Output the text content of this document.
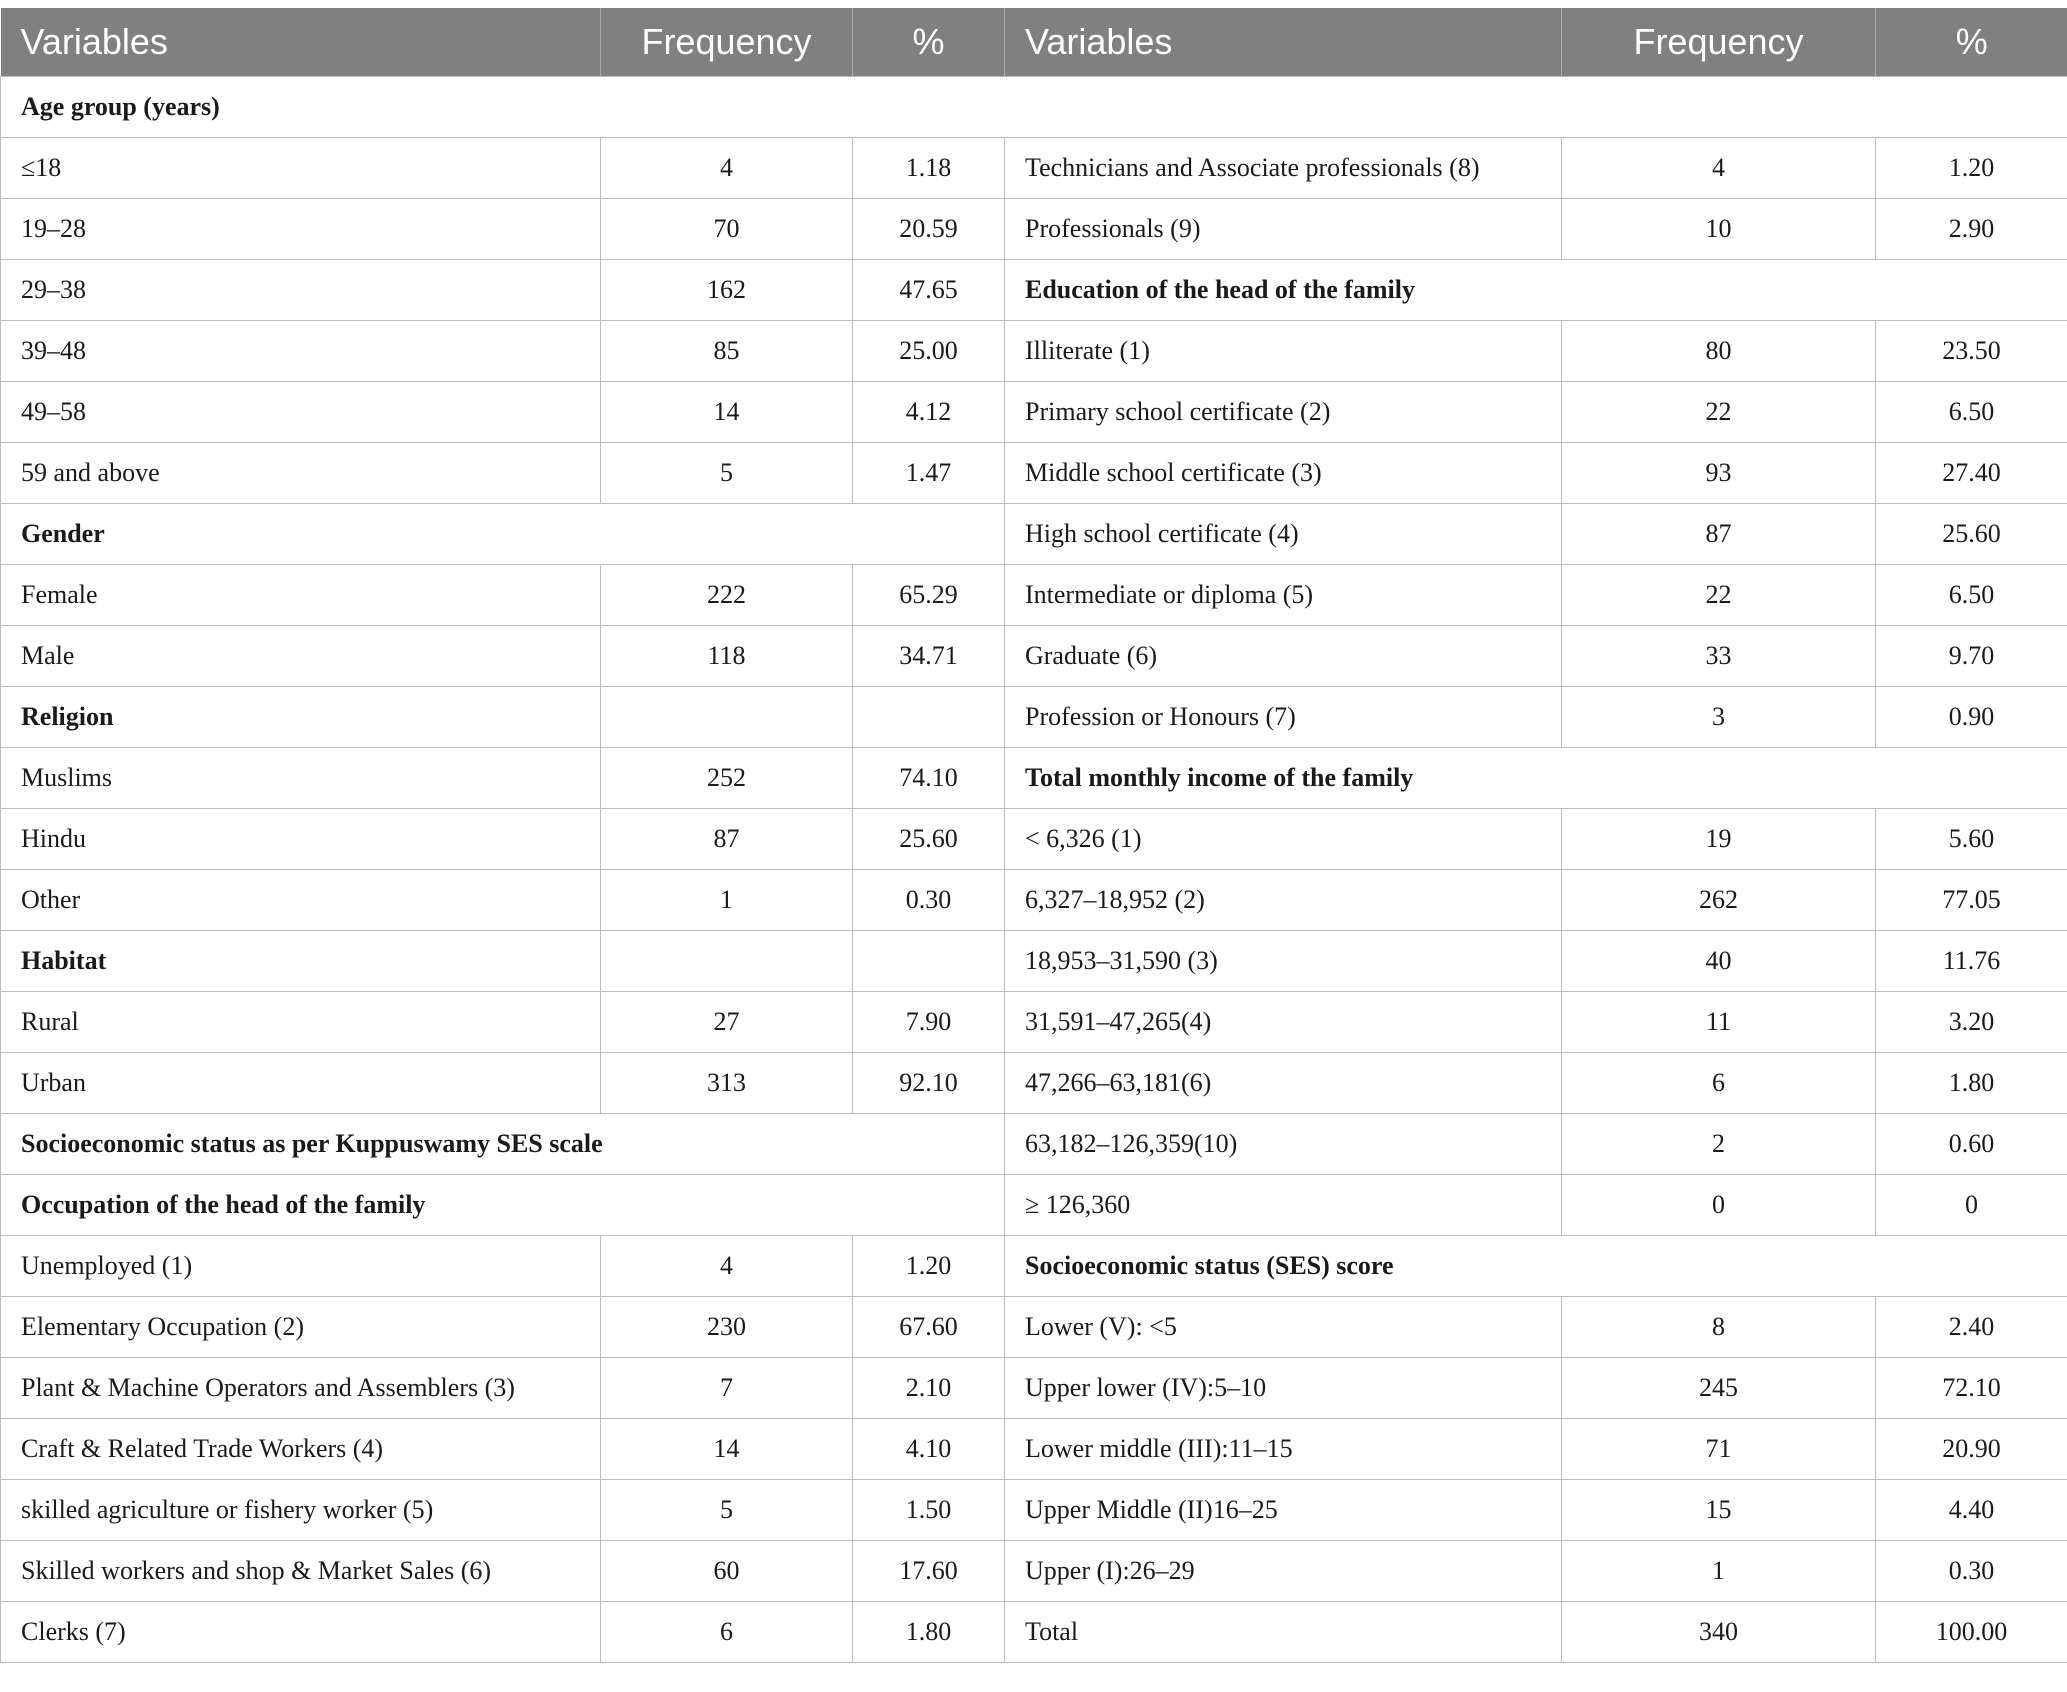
Variables	Frequency	%	Variables	Frequency	%
Age group (years)					
≤18	4	1.18	Technicians and Associate professionals (8)	4	1.20
19–28	70	20.59	Professionals (9)	10	2.90
29–38	162	47.65	Education of the head of the family		
39–48	85	25.00	Illiterate (1)	80	23.50
49–58	14	4.12	Primary school certificate (2)	22	6.50
59 and above	5	1.47	Middle school certificate (3)	93	27.40
Gender			High school certificate (4)	87	25.60
Female	222	65.29	Intermediate or diploma (5)	22	6.50
Male	118	34.71	Graduate (6)	33	9.70
Religion			Profession or Honours (7)	3	0.90
Muslims	252	74.10	Total monthly income of the family		
Hindu	87	25.60	< 6,326 (1)	19	5.60
Other	1	0.30	6,327–18,952 (2)	262	77.05
Habitat			18,953–31,590 (3)	40	11.76
Rural	27	7.90	31,591–47,265(4)	11	3.20
Urban	313	92.10	47,266–63,181(6)	6	1.80
Socioeconomic status as per Kuppuswamy SES scale			63,182–126,359(10)	2	0.60
Occupation of the head of the family			≥ 126,360	0	0
Unemployed (1)	4	1.20	Socioeconomic status (SES) score		
Elementary Occupation (2)	230	67.60	Lower (V): <5	8	2.40
Plant & Machine Operators and Assemblers (3)	7	2.10	Upper lower (IV):5–10	245	72.10
Craft & Related Trade Workers (4)	14	4.10	Lower middle (III):11–15	71	20.90
skilled agriculture or fishery worker (5)	5	1.50	Upper Middle (II)16–25	15	4.40
Skilled workers and shop & Market Sales (6)	60	17.60	Upper (I):26–29	1	0.30
Clerks (7)	6	1.80	Total	340	100.00
